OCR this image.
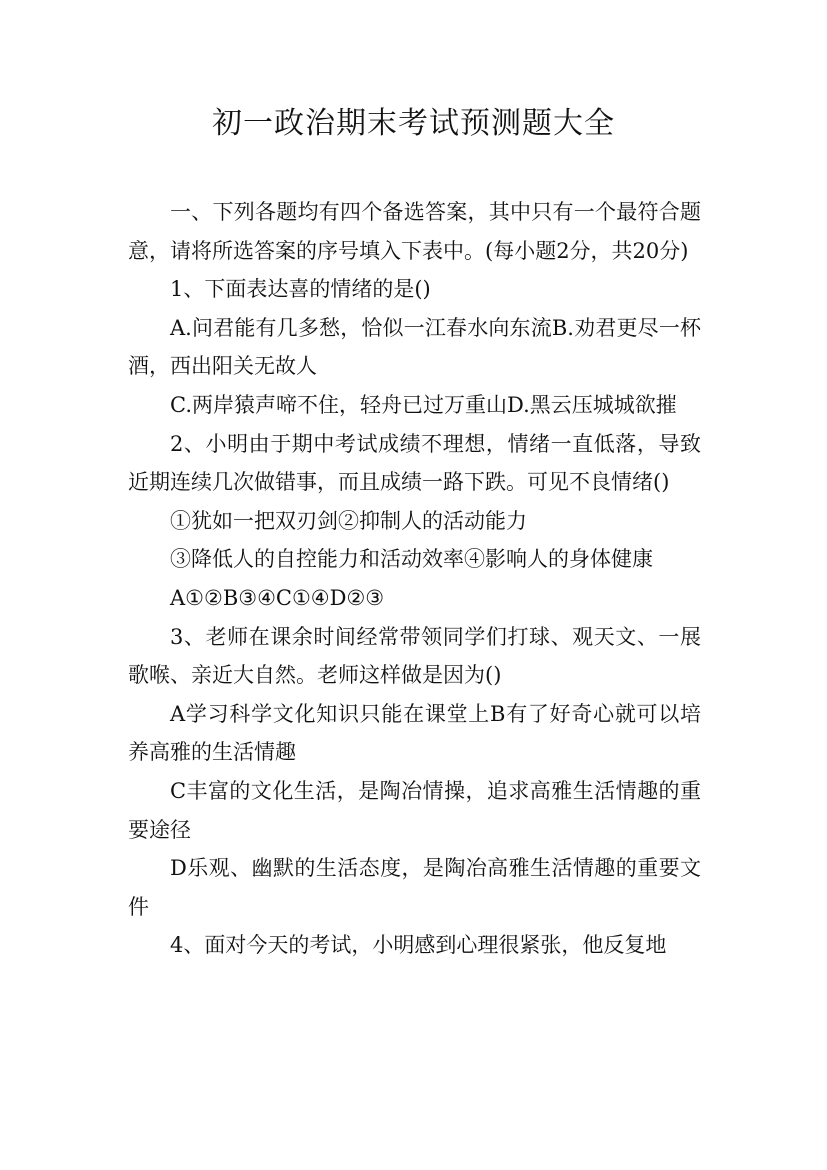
初一政治期末考试预测题大全

一、下列各题均有四个备选答案，其中只有一个最符合题意，请将所选答案的序号填入下表中。(每小题2分，共20分)

1、下面表达喜的情绪的是()

A.问君能有几多愁，恰似一江春水向东流B.劝君更尽一杯酒，西出阳关无故人

C.两岸猿声啼不住，轻舟已过万重山D.黑云压城城欲摧

2、小明由于期中考试成绩不理想，情绪一直低落，导致近期连续几次做错事，而且成绩一路下跌。可见不良情绪()

①犹如一把双刃剑②抑制人的活动能力

③降低人的自控能力和活动效率④影响人的身体健康

A①②B③④C①④D②③

3、老师在课余时间经常带领同学们打球、观天文、一展歌喉、亲近大自然。老师这样做是因为()

A学习科学文化知识只能在课堂上B有了好奇心就可以培养高雅的生活情趣

C丰富的文化生活，是陶冶情操，追求高雅生活情趣的重要途径

D乐观、幽默的生活态度，是陶冶高雅生活情趣的重要文件

4、面对今天的考试，小明感到心理很紧张，他反复地
